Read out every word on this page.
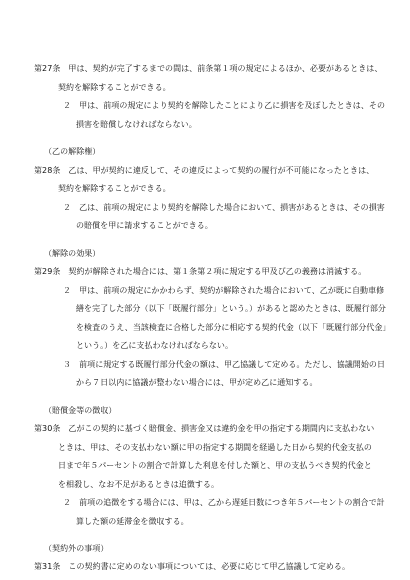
第27条　甲は、契約が完了するまでの間は、前条第１項の規定によるほか、必要があるときは、
契約を解除することができる。
２　甲は、前項の規定により契約を解除したことにより乙に損害を及ぼしたときは、その
損害を賠償しなければならない。
（乙の解除権）
第28条　乙は、甲が契約に違反して、その違反によって契約の履行が不可能になったときは、
契約を解除することができる。
２　乙は、前項の規定により契約を解除した場合において、損害があるときは、その損害
の賠償を甲に請求することができる。
（解除の効果）
第29条　契約が解除された場合には、第１条第２項に規定する甲及び乙の義務は消滅する。
２　甲は、前項の規定にかかわらず、契約が解除された場合において、乙が既に自動車修
繕を完了した部分（以下「既履行部分」という。）があると認めたときは、既履行部分
を検査のうえ、当該検査に合格した部分に相応する契約代金（以下「既履行部分代金」
という。）を乙に支払わなければならない。
３　前項に規定する既履行部分代金の額は、甲乙協議して定める。ただし、協議開始の日
から７日以内に協議が整わない場合には、甲が定め乙に通知する。
（賠償金等の徴収）
第30条　乙がこの契約に基づく賠償金、損害金又は違約金を甲の指定する期間内に支払わない
ときは、甲は、その支払わない額に甲の指定する期間を経過した日から契約代金支払の
日まで年５パーセントの割合で計算した利息を付した額と、甲の支払うべき契約代金と
を相殺し、なお不足があるときは追徴する。
２　前項の追徴をする場合には、甲は、乙から遅延日数につき年５パーセントの割合で計
算した額の延滞金を徴収する。
（契約外の事項）
第31条　この契約書に定めのない事項については、必要に応じて甲乙協議して定める。
